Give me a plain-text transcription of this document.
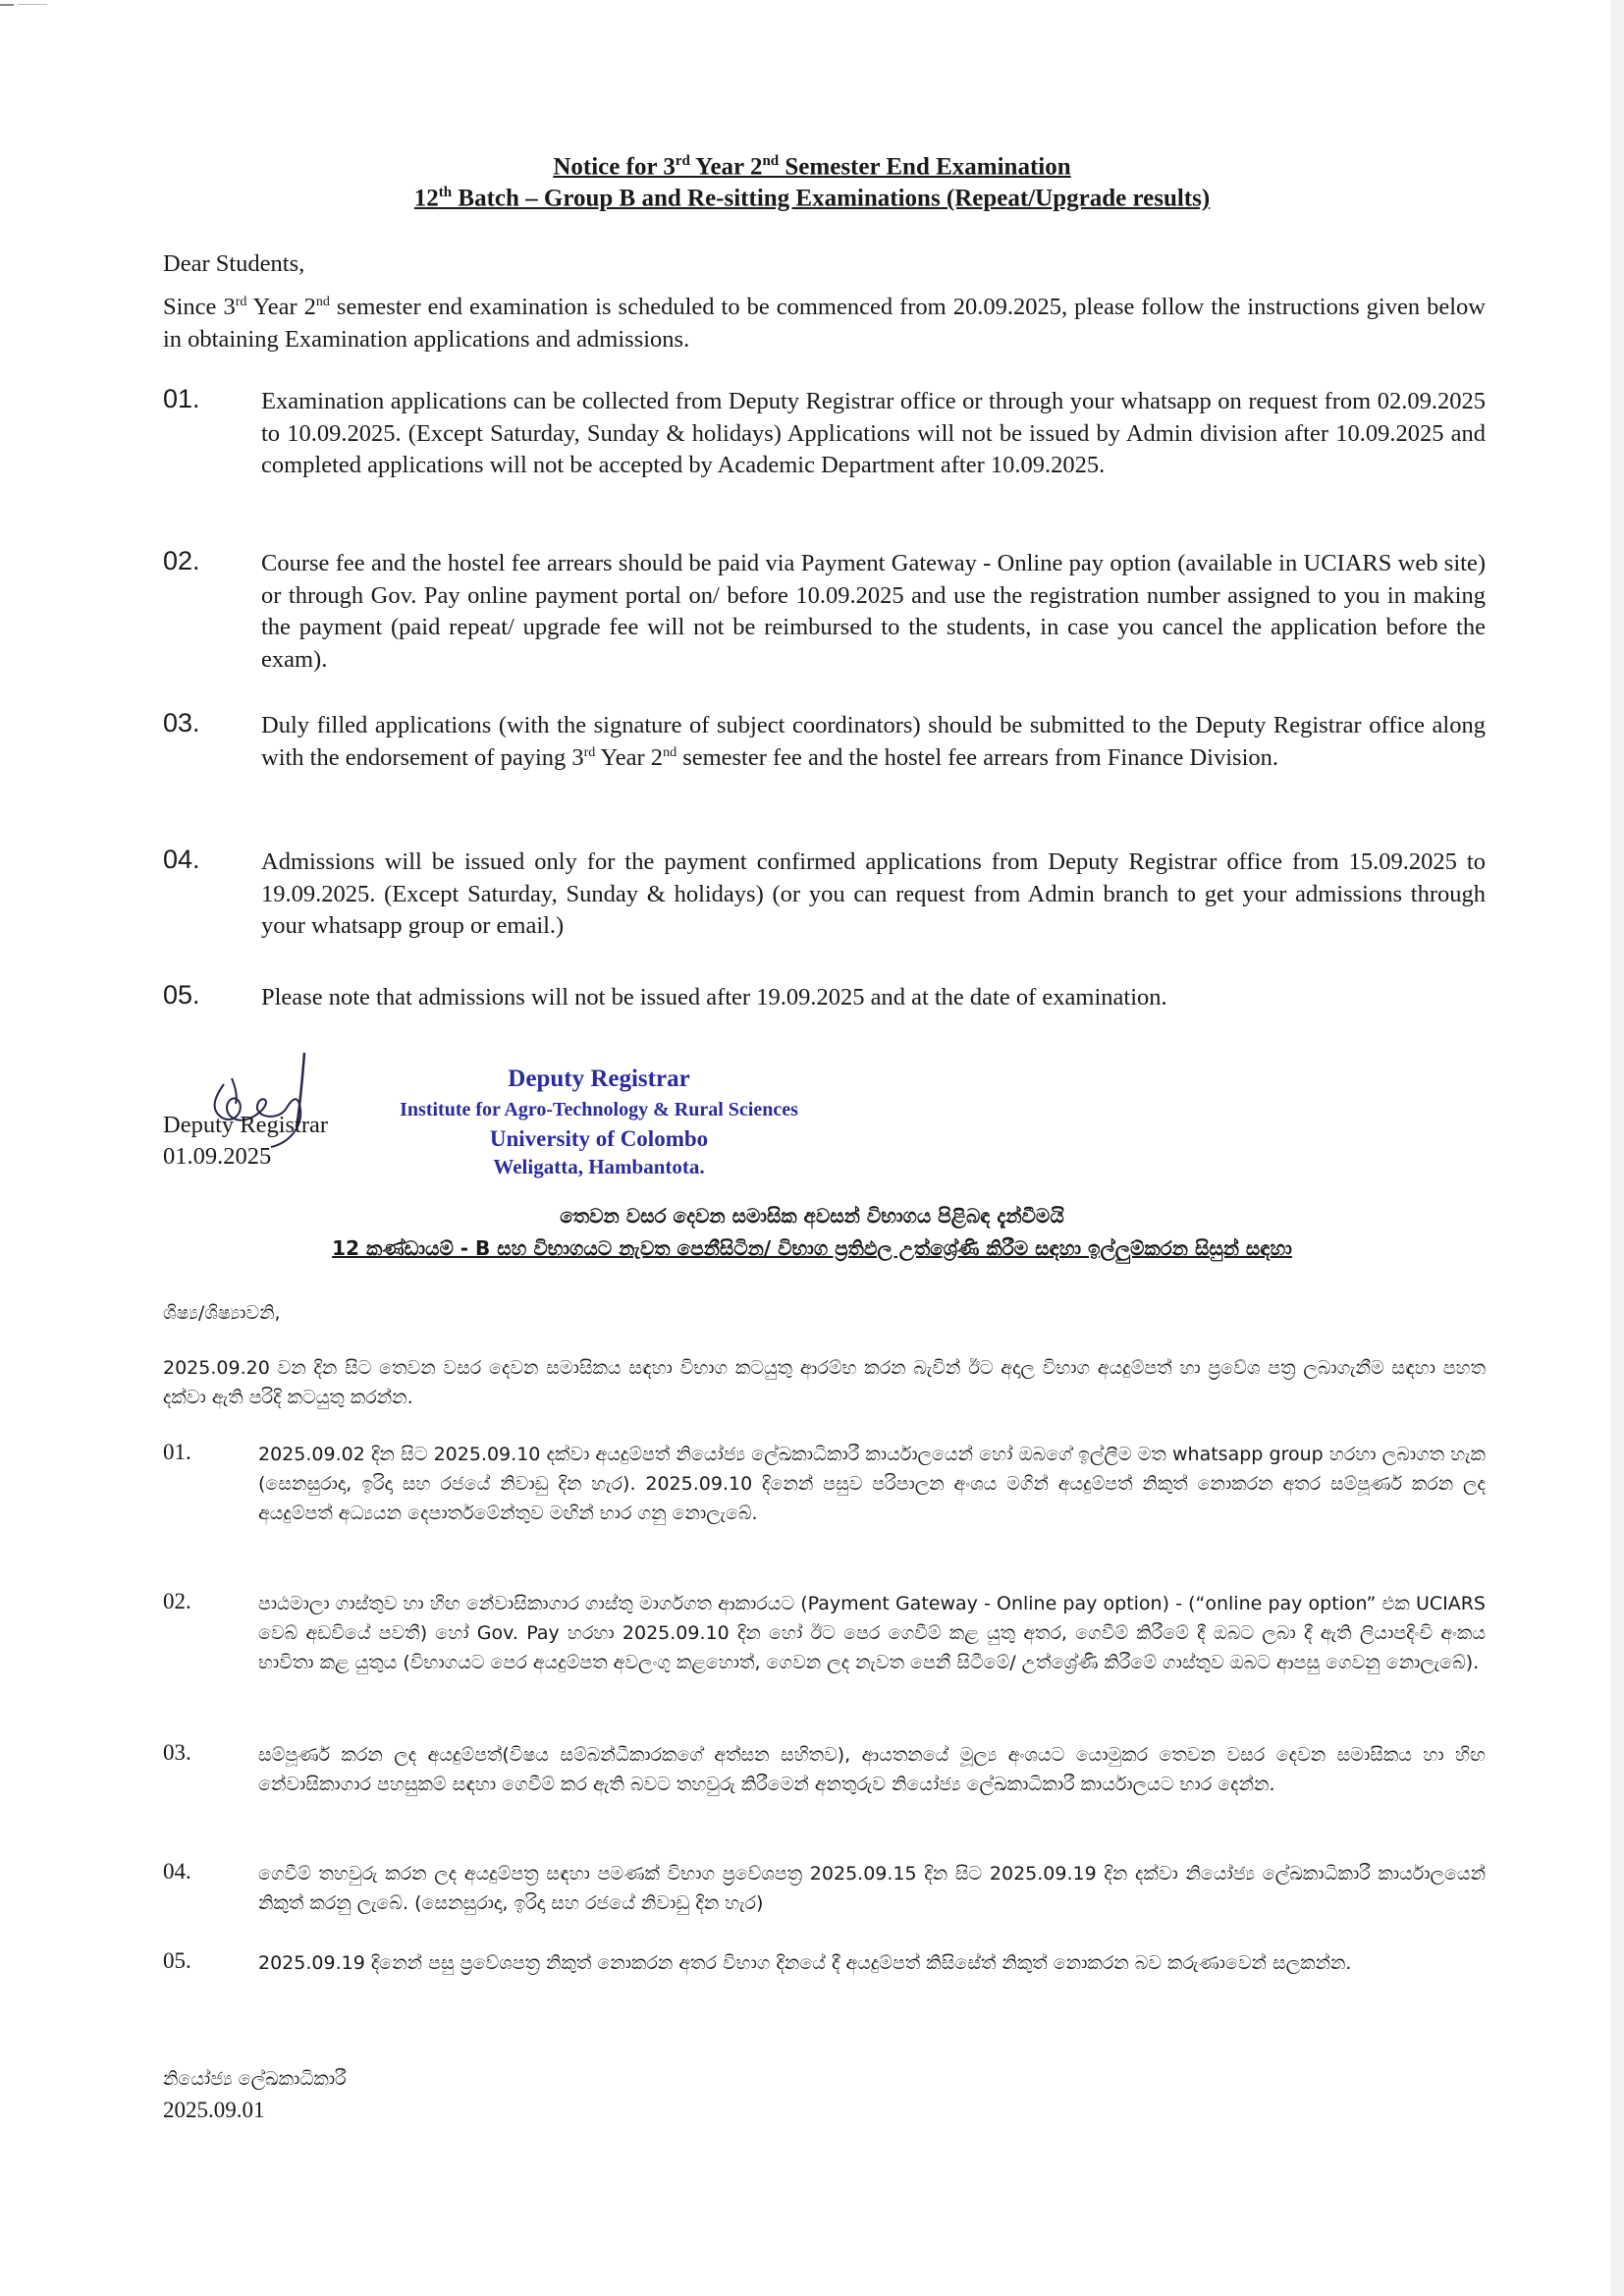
Notice for 3rd Year 2nd Semester End Examination
12th Batch – Group B and Re-sitting Examinations (Repeat/Upgrade results)
Dear Students,
Since 3rd Year 2nd semester end examination is scheduled to be commenced from 20.09.2025, please follow the instructions given below in obtaining Examination applications and admissions.
01.	Examination applications can be collected from Deputy Registrar office or through your whatsapp on request from 02.09.2025 to 10.09.2025. (Except Saturday, Sunday & holidays) Applications will not be issued by Admin division after 10.09.2025 and completed applications will not be accepted by Academic Department after 10.09.2025.
02.	Course fee and the hostel fee arrears should be paid via Payment Gateway - Online pay option (available in UCIARS web site) or through Gov. Pay online payment portal on/ before 10.09.2025 and use the registration number assigned to you in making the payment (paid repeat/ upgrade fee will not be reimbursed to the students, in case you cancel the application before the exam).
03.	Duly filled applications (with the signature of subject coordinators) should be submitted to the Deputy Registrar office along with the endorsement of paying 3rd Year 2nd semester fee and the hostel fee arrears from Finance Division.
04.	Admissions will be issued only for the payment confirmed applications from Deputy Registrar office from 15.09.2025 to 19.09.2025. (Except Saturday, Sunday & holidays) (or you can request from Admin branch to get your admissions through your whatsapp group or email.)
05.	Please note that admissions will not be issued after 19.09.2025 and at the date of examination.
Deputy Registrar
01.09.2025
Deputy Registrar
Institute for Agro-Technology & Rural Sciences
University of Colombo
Weligatta, Hambantota.
තෙවන වසර දෙවන සමාසික අවසන් විභාගය පිළිබඳ දැන්වීමයි
12 කණ්ඩායම් - B සහ විභාගයට නැවත පෙනීසිටින/ විභාග ප්‍රතිඵල උත්ශ්‍රේණි කිරීම සඳහා ඉල්ලුම්කරන සිසුන් සඳහා
ශිෂ්‍ය/ශිෂ්‍යාවනි,
2025.09.20 වන දින සිට තෙවන වසර දෙවන සමාසිකය සඳහා විභාග කටයුතු ආරම්භ කරන බැවින් ඊට අදාල විභාග අයදුම්පත් හා ප්‍රවේශ පත්‍ර ලබාගැනීම සඳහා පහත දක්වා ඇති පරිදි කටයුතු කරන්න.
01.	2025.09.02 දින සිට 2025.09.10 දක්වා අයදුම්පත් නියෝජ්‍ය ලේඛකාධිකාරී කාර්යාලයෙන් හෝ ඔබගේ ඉල්ලීම මත whatsapp group හරහා ලබාගත හැක (සෙනසුරාදා, ඉරිදා සහ රජයේ නිවාඩු දින හැර). 2025.09.10 දිනෙන් පසුව පරිපාලන අංශය මගින් අයදුම්පත් නිකුත් නොකරන අතර සම්පූර්ණ කරන ලද අයදුම්පත් අධ්‍යයන දෙපාර්තමේන්තුව මඟින් භාර ගනු නොලැබේ.
02.	පාඨමාලා ගාස්තුව හා හිඟ නේවාසිකාගාර ගාස්තු මාර්ගගත ආකාරයට (Payment Gateway - Online pay option) - (“online pay option” එක UCIARS වෙබ් අඩවියේ පවතී) හෝ Gov. Pay හරහා 2025.09.10 දින හෝ ඊට පෙර ගෙවීම් කළ යුතු අතර, ගෙවීම් කිරීමේ දී ඔබට ලබා දී ඇති ලියාපදිංචි අංකය භාවිතා කළ යුතුය (විභාගයට පෙර අයදුම්පත අවලංගු කළහොත්, ගෙවන ලද නැවත පෙනී සිටීමේ/ උත්ශ්‍රේණි කිරීමේ ගාස්තුව ඔබට ආපසු ගෙවනු නොලැබේ).
03.	සම්පූර්ණ කරන ලද අයදුම්පත්(විෂය සම්බන්ධීකාරකගේ අත්සන සහිතව), ආයතනයේ මූල්‍ය අංශයට යොමුකර තෙවන වසර දෙවන සමාසිකය හා හිඟ නේවාසිකාගාර පහසුකම් සඳහා ගෙවීම් කර ඇති බවට තහවුරු කිරීමෙන් අනතුරුව නියෝජ්‍ය ලේඛකාධිකාරී කාර්යාලයට භාර දෙන්න.
04.	ගෙවීම් තහවුරු කරන ලද අයදුම්පත්‍ර සඳහා පමණක් විභාග ප්‍රවේශපත්‍ර 2025.09.15 දින සිට 2025.09.19 දින දක්වා නියෝජ්‍ය ලේඛකාධිකාරී කාර්යාලයෙන් නිකුත් කරනු ලැබේ. (සෙනසුරාදා, ඉරිදා සහ රජයේ නිවාඩු දින හැර)
05.	2025.09.19 දිනෙන් පසු ප්‍රවේශපත්‍ර නිකුත් නොකරන අතර විභාග දිනයේ දී අයදුම්පත් කිසිසේත් නිකුත් නොකරන බව කරුණාවෙන් සලකන්න.
නියෝජ්‍ය ලේඛකාධිකාරී
2025.09.01
